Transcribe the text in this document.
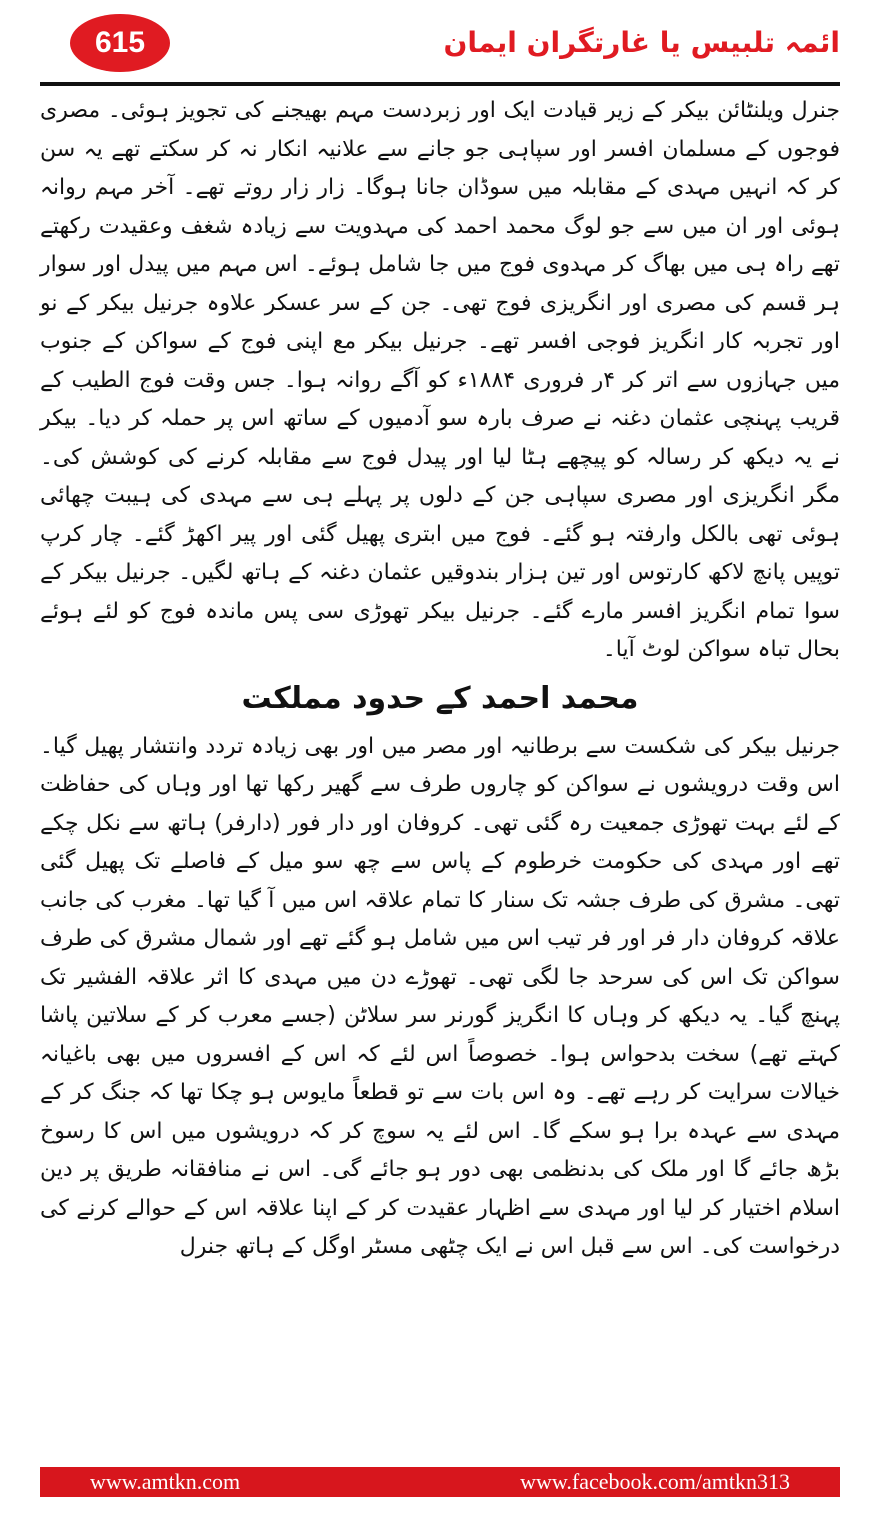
615	ائمہ تلبیس یا غارتگران ایمان

جنرل ویلنٹائن بیکر کے زیر قیادت ایک اور زبردست مہم بھیجنے کی تجویز ہوئی۔ مصری فوجوں کے مسلمان افسر اور سپاہی جو جانے سے علانیہ انکار نہ کر سکتے تھے یہ سن کر کہ انہیں مہدی کے مقابلہ میں سوڈان جانا ہوگا۔ زار زار روتے تھے۔ آخر مہم روانہ ہوئی اور ان میں سے جو لوگ محمد احمد کی مہدویت سے زیادہ شغف وعقیدت رکھتے تھے راہ ہی میں بھاگ کر مہدوی فوج میں جا شامل ہوئے۔ اس مہم میں پیدل اور سوار ہر قسم کی مصری اور انگریزی فوج تھی۔ جن کے سر عسکر علاوہ جرنیل بیکر کے نو اور تجربہ کار انگریز فوجی افسر تھے۔ جرنیل بیکر مع اپنی فوج کے سواکن کے جنوب میں جہازوں سے اتر کر ۴ر فروری ۱۸۸۴ء کو آگے روانہ ہوا۔ جس وقت فوج الطیب کے قریب پہنچی عثمان دغنہ نے صرف بارہ سو آدمیوں کے ساتھ اس پر حملہ کر دیا۔ بیکر نے یہ دیکھ کر رسالہ کو پیچھے ہٹا لیا اور پیدل فوج سے مقابلہ کرنے کی کوشش کی۔ مگر انگریزی اور مصری سپاہی جن کے دلوں پر پہلے ہی سے مہدی کی ہیبت چھائی ہوئی تھی بالکل وارفتہ ہو گئے۔ فوج میں ابتری پھیل گئی اور پیر اکھڑ گئے۔ چار کرپ توپیں پانچ لاکھ کارتوس اور تین ہزار بندوقیں عثمان دغنہ کے ہاتھ لگیں۔ جرنیل بیکر کے سوا تمام انگریز افسر مارے گئے۔ جرنیل بیکر تھوڑی سی پس ماندہ فوج کو لئے ہوئے بحال تباہ سواکن لوٹ آیا۔

محمد احمد کے حدود مملکت

جرنیل بیکر کی شکست سے برطانیہ اور مصر میں اور بھی زیادہ تردد وانتشار پھیل گیا۔ اس وقت درویشوں نے سواکن کو چاروں طرف سے گھیر رکھا تھا اور وہاں کی حفاظت کے لئے بہت تھوڑی جمعیت رہ گئی تھی۔ کروفان اور دار فور (دارفر) ہاتھ سے نکل چکے تھے اور مہدی کی حکومت خرطوم کے پاس سے چھ سو میل کے فاصلے تک پھیل گئی تھی۔ مشرق کی طرف جشہ تک سنار کا تمام علاقہ اس میں آ گیا تھا۔ مغرب کی جانب علاقہ کروفان دار فر اور فر تیب اس میں شامل ہو گئے تھے اور شمال مشرق کی طرف سواکن تک اس کی سرحد جا لگی تھی۔ تھوڑے دن میں مہدی کا اثر علاقہ الفشیر تک پہنچ گیا۔ یہ دیکھ کر وہاں کا انگریز گورنر سر سلاٹن (جسے معرب کر کے سلاتین پاشا کہتے تھے) سخت بدحواس ہوا۔ خصوصاً اس لئے کہ اس کے افسروں میں بھی باغیانہ خیالات سرایت کر رہے تھے۔ وہ اس بات سے تو قطعاً مایوس ہو چکا تھا کہ جنگ کر کے مہدی سے عہدہ برا ہو سکے گا۔ اس لئے یہ سوچ کر کہ درویشوں میں اس کا رسوخ بڑھ جائے گا اور ملک کی بدنظمی بھی دور ہو جائے گی۔ اس نے منافقانہ طریق پر دین اسلام اختیار کر لیا اور مہدی سے اظہار عقیدت کر کے اپنا علاقہ اس کے حوالے کرنے کی درخواست کی۔ اس سے قبل اس نے ایک چٹھی مسٹر اوگل کے ہاتھ جنرل

www.amtkn.com	www.facebook.com/amtkn313
